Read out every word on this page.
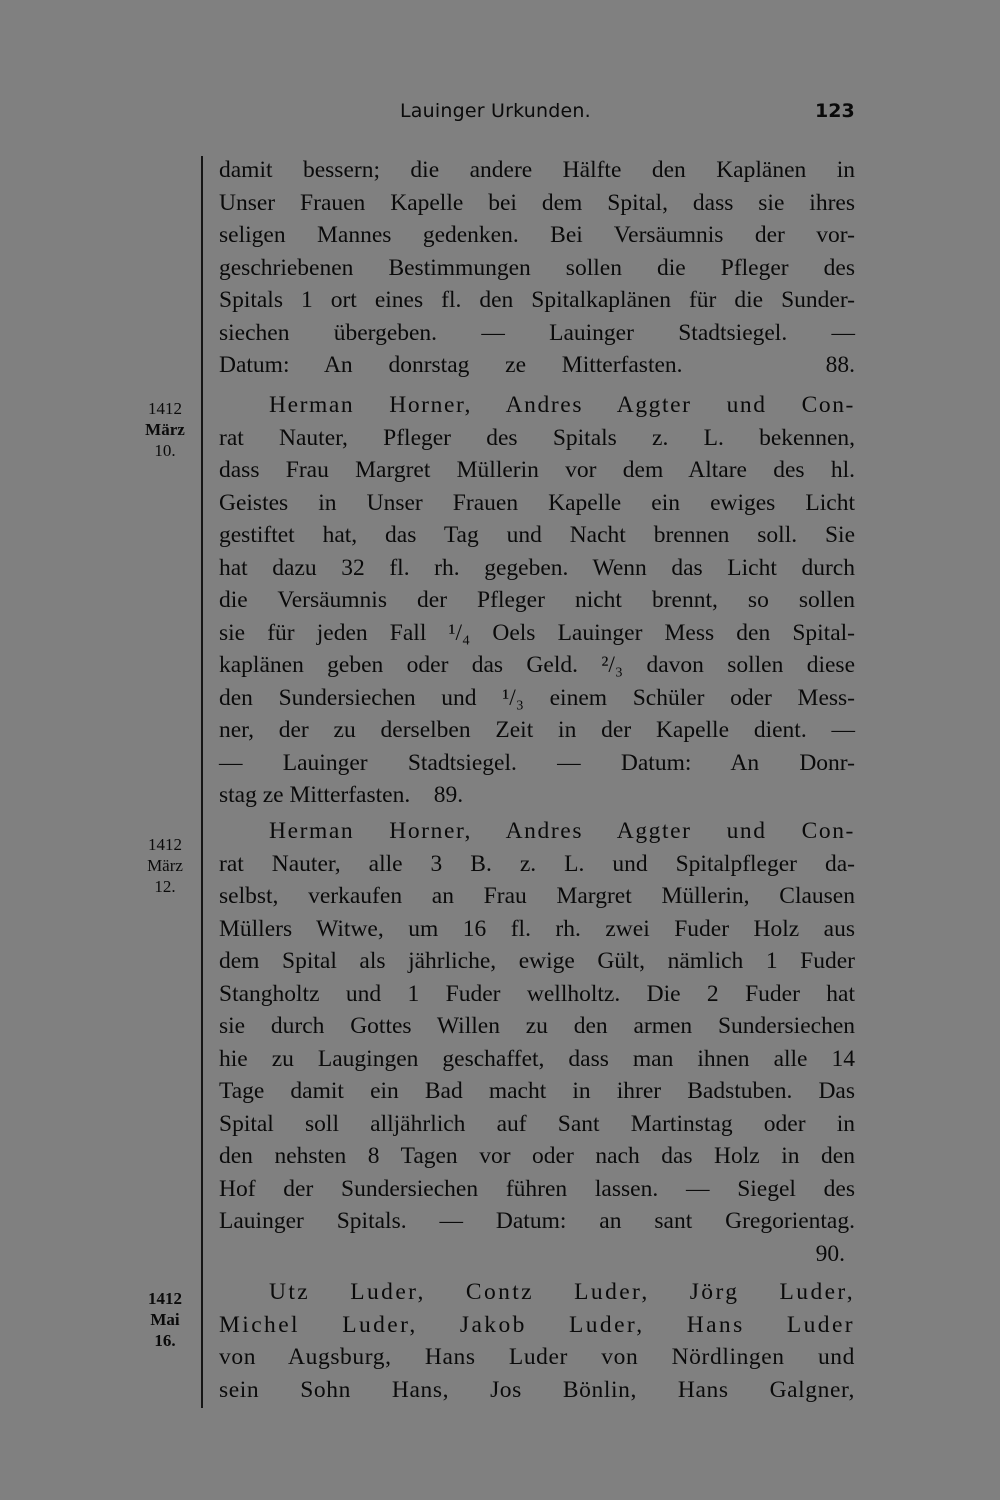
Lauinger Urkunden.	123
damit bessern; die andere Hälfte den Kaplänen in
Unser Frauen Kapelle bei dem Spital, dass sie ihres
seligen Mannes gedenken. Bei Versäumnis der vor-
geschriebenen Bestimmungen sollen die Pfleger des
Spitals 1 ort eines fl. den Spitalkaplänen für die Sunder-
siechen übergeben. — Lauinger Stadtsiegel. —
Datum: An donrstag ze Mitterfasten.    88.
1412
März
10.
Herman Horner, Andres Aggter und Con-
rat Nauter, Pfleger des Spitals z. L. bekennen,
dass Frau Margret Müllerin vor dem Altare des hl.
Geistes in Unser Frauen Kapelle ein ewiges Licht
gestiftet hat, das Tag und Nacht brennen soll. Sie
hat dazu 32 fl. rh. gegeben. Wenn das Licht durch
die Versäumnis der Pfleger nicht brennt, so sollen
sie für jeden Fall ¹/₄ Oels Lauinger Mess den Spital-
kaplänen geben oder das Geld. ²/₃ davon sollen diese
den Sundersiechen und ¹/₃ einem Schüler oder Mess-
ner, der zu derselben Zeit in der Kapelle dient. —
— Lauinger Stadtsiegel. — Datum: An Donr-
stag ze Mitterfasten.    89.
1412
März
12.
Herman Horner, Andres Aggter und Con-
rat Nauter, alle 3 B. z. L. und Spitalpfleger da-
selbst, verkaufen an Frau Margret Müllerin, Clausen
Müllers Witwe, um 16 fl. rh. zwei Fuder Holz aus
dem Spital als jährliche, ewige Gült, nämlich 1 Fuder
Stangholtz und 1 Fuder wellholtz. Die 2 Fuder hat
sie durch Gottes Willen zu den armen Sundersiechen
hie zu Laugingen geschaffet, dass man ihnen alle 14
Tage damit ein Bad macht in ihrer Badstuben. Das
Spital soll alljährlich auf Sant Martinstag oder in
den nehsten 8 Tagen vor oder nach das Holz in den
Hof der Sundersiechen führen lassen. — Siegel des
Lauinger Spitals. — Datum: an sant Gregorientag.
90.
1412
Mai
16.
Utz Luder, Contz Luder, Jörg Luder,
Michel Luder, Jakob Luder, Hans Luder
von Augsburg, Hans Luder von Nördlingen und
sein Sohn Hans, Jos Bönlin, Hans Galgner,
